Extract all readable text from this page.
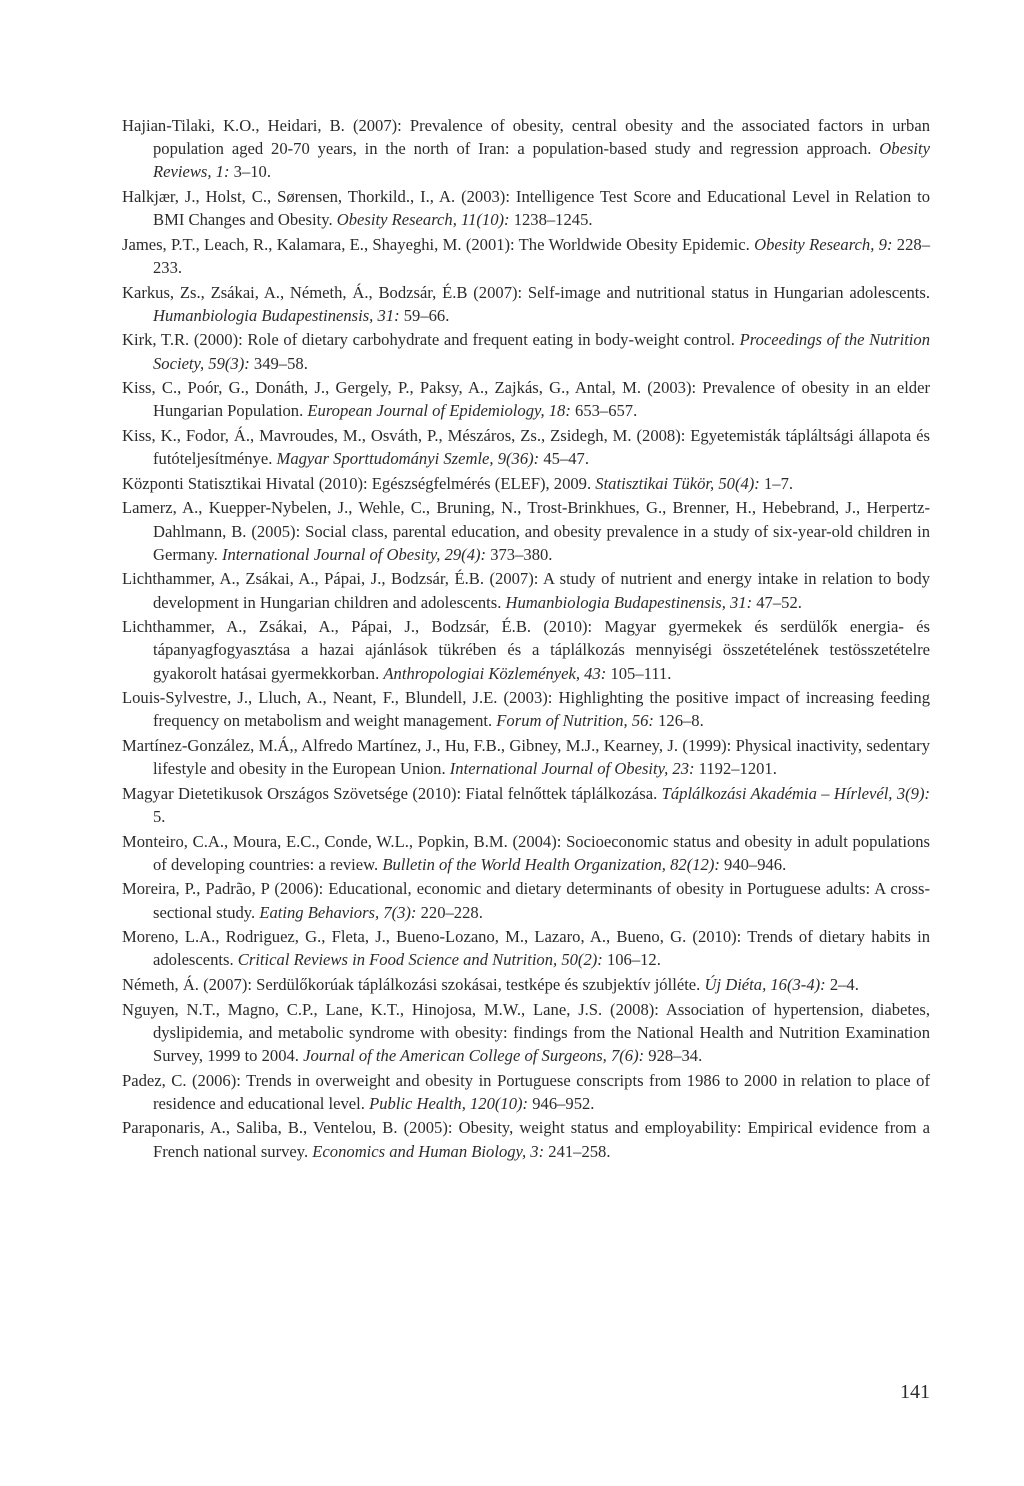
Hajian-Tilaki, K.O., Heidari, B. (2007): Prevalence of obesity, central obesity and the associated factors in urban population aged 20-70 years, in the north of Iran: a population-based study and regression approach. Obesity Reviews, 1: 3–10.
Halkjær, J., Holst, C., Sørensen, Thorkild., I., A. (2003): Intelligence Test Score and Educational Level in Relation to BMI Changes and Obesity. Obesity Research, 11(10): 1238–1245.
James, P.T., Leach, R., Kalamara, E., Shayeghi, M. (2001): The Worldwide Obesity Epidemic. Obesity Research, 9: 228–233.
Karkus, Zs., Zsákai, A., Németh, Á., Bodzsár, É.B (2007): Self-image and nutritional status in Hungarian adolescents. Humanbiologia Budapestinensis, 31: 59–66.
Kirk, T.R. (2000): Role of dietary carbohydrate and frequent eating in body-weight control. Proceedings of the Nutrition Society, 59(3): 349–58.
Kiss, C., Poór, G., Donáth, J., Gergely, P., Paksy, A., Zajkás, G., Antal, M. (2003): Prevalence of obesity in an elder Hungarian Population. European Journal of Epidemiology, 18: 653–657.
Kiss, K., Fodor, Á., Mavroudes, M., Osváth, P., Mészáros, Zs., Zsidegh, M. (2008): Egyetemisták tápláltsági állapota és futóteljesítménye. Magyar Sporttudományi Szemle, 9(36): 45–47.
Központi Statisztikai Hivatal (2010): Egészségfelmérés (ELEF), 2009. Statisztikai Tükör, 50(4): 1–7.
Lamerz, A., Kuepper-Nybelen, J., Wehle, C., Bruning, N., Trost-Brinkhues, G., Brenner, H., Hebebrand, J., Herpertz-Dahlmann, B. (2005): Social class, parental education, and obesity prevalence in a study of six-year-old children in Germany. International Journal of Obesity, 29(4): 373–380.
Lichthammer, A., Zsákai, A., Pápai, J., Bodzsár, É.B. (2007): A study of nutrient and energy intake in relation to body development in Hungarian children and adolescents. Humanbiologia Budapestinensis, 31: 47–52.
Lichthammer, A., Zsákai, A., Pápai, J., Bodzsár, É.B. (2010): Magyar gyermekek és serdülők energia- és tápanyagfogyasztása a hazai ajánlások tükrében és a táplálkozás mennyiségi összetételének testösszetételre gyakorolt hatásai gyermekkorban. Anthropologiai Közlemények, 43: 105–111.
Louis-Sylvestre, J., Lluch, A., Neant, F., Blundell, J.E. (2003): Highlighting the positive impact of increasing feeding frequency on metabolism and weight management. Forum of Nutrition, 56: 126–8.
Martínez-González, M.Á,, Alfredo Martínez, J., Hu, F.B., Gibney, M.J., Kearney, J. (1999): Physical inactivity, sedentary lifestyle and obesity in the European Union. International Journal of Obesity, 23: 1192–1201.
Magyar Dietetikusok Országos Szövetsége (2010): Fiatal felnőttek táplálkozása. Táplálkozási Akadémia – Hírlevél, 3(9): 5.
Monteiro, C.A., Moura, E.C., Conde, W.L., Popkin, B.M. (2004): Socioeconomic status and obesity in adult populations of developing countries: a review. Bulletin of the World Health Organization, 82(12): 940–946.
Moreira, P., Padrão, P (2006): Educational, economic and dietary determinants of obesity in Portuguese adults: A cross-sectional study. Eating Behaviors, 7(3): 220–228.
Moreno, L.A., Rodriguez, G., Fleta, J., Bueno-Lozano, M., Lazaro, A., Bueno, G. (2010): Trends of dietary habits in adolescents. Critical Reviews in Food Science and Nutrition, 50(2): 106–12.
Németh, Á. (2007): Serdülőkorúak táplálkozási szokásai, testképe és szubjektív jólléte. Új Diéta, 16(3-4): 2–4.
Nguyen, N.T., Magno, C.P., Lane, K.T., Hinojosa, M.W., Lane, J.S. (2008): Association of hypertension, diabetes, dyslipidemia, and metabolic syndrome with obesity: findings from the National Health and Nutrition Examination Survey, 1999 to 2004. Journal of the American College of Surgeons, 7(6): 928–34.
Padez, C. (2006): Trends in overweight and obesity in Portuguese conscripts from 1986 to 2000 in relation to place of residence and educational level. Public Health, 120(10): 946–952.
Paraponaris, A., Saliba, B., Ventelou, B. (2005): Obesity, weight status and employability: Empirical evidence from a French national survey. Economics and Human Biology, 3: 241–258.
141
